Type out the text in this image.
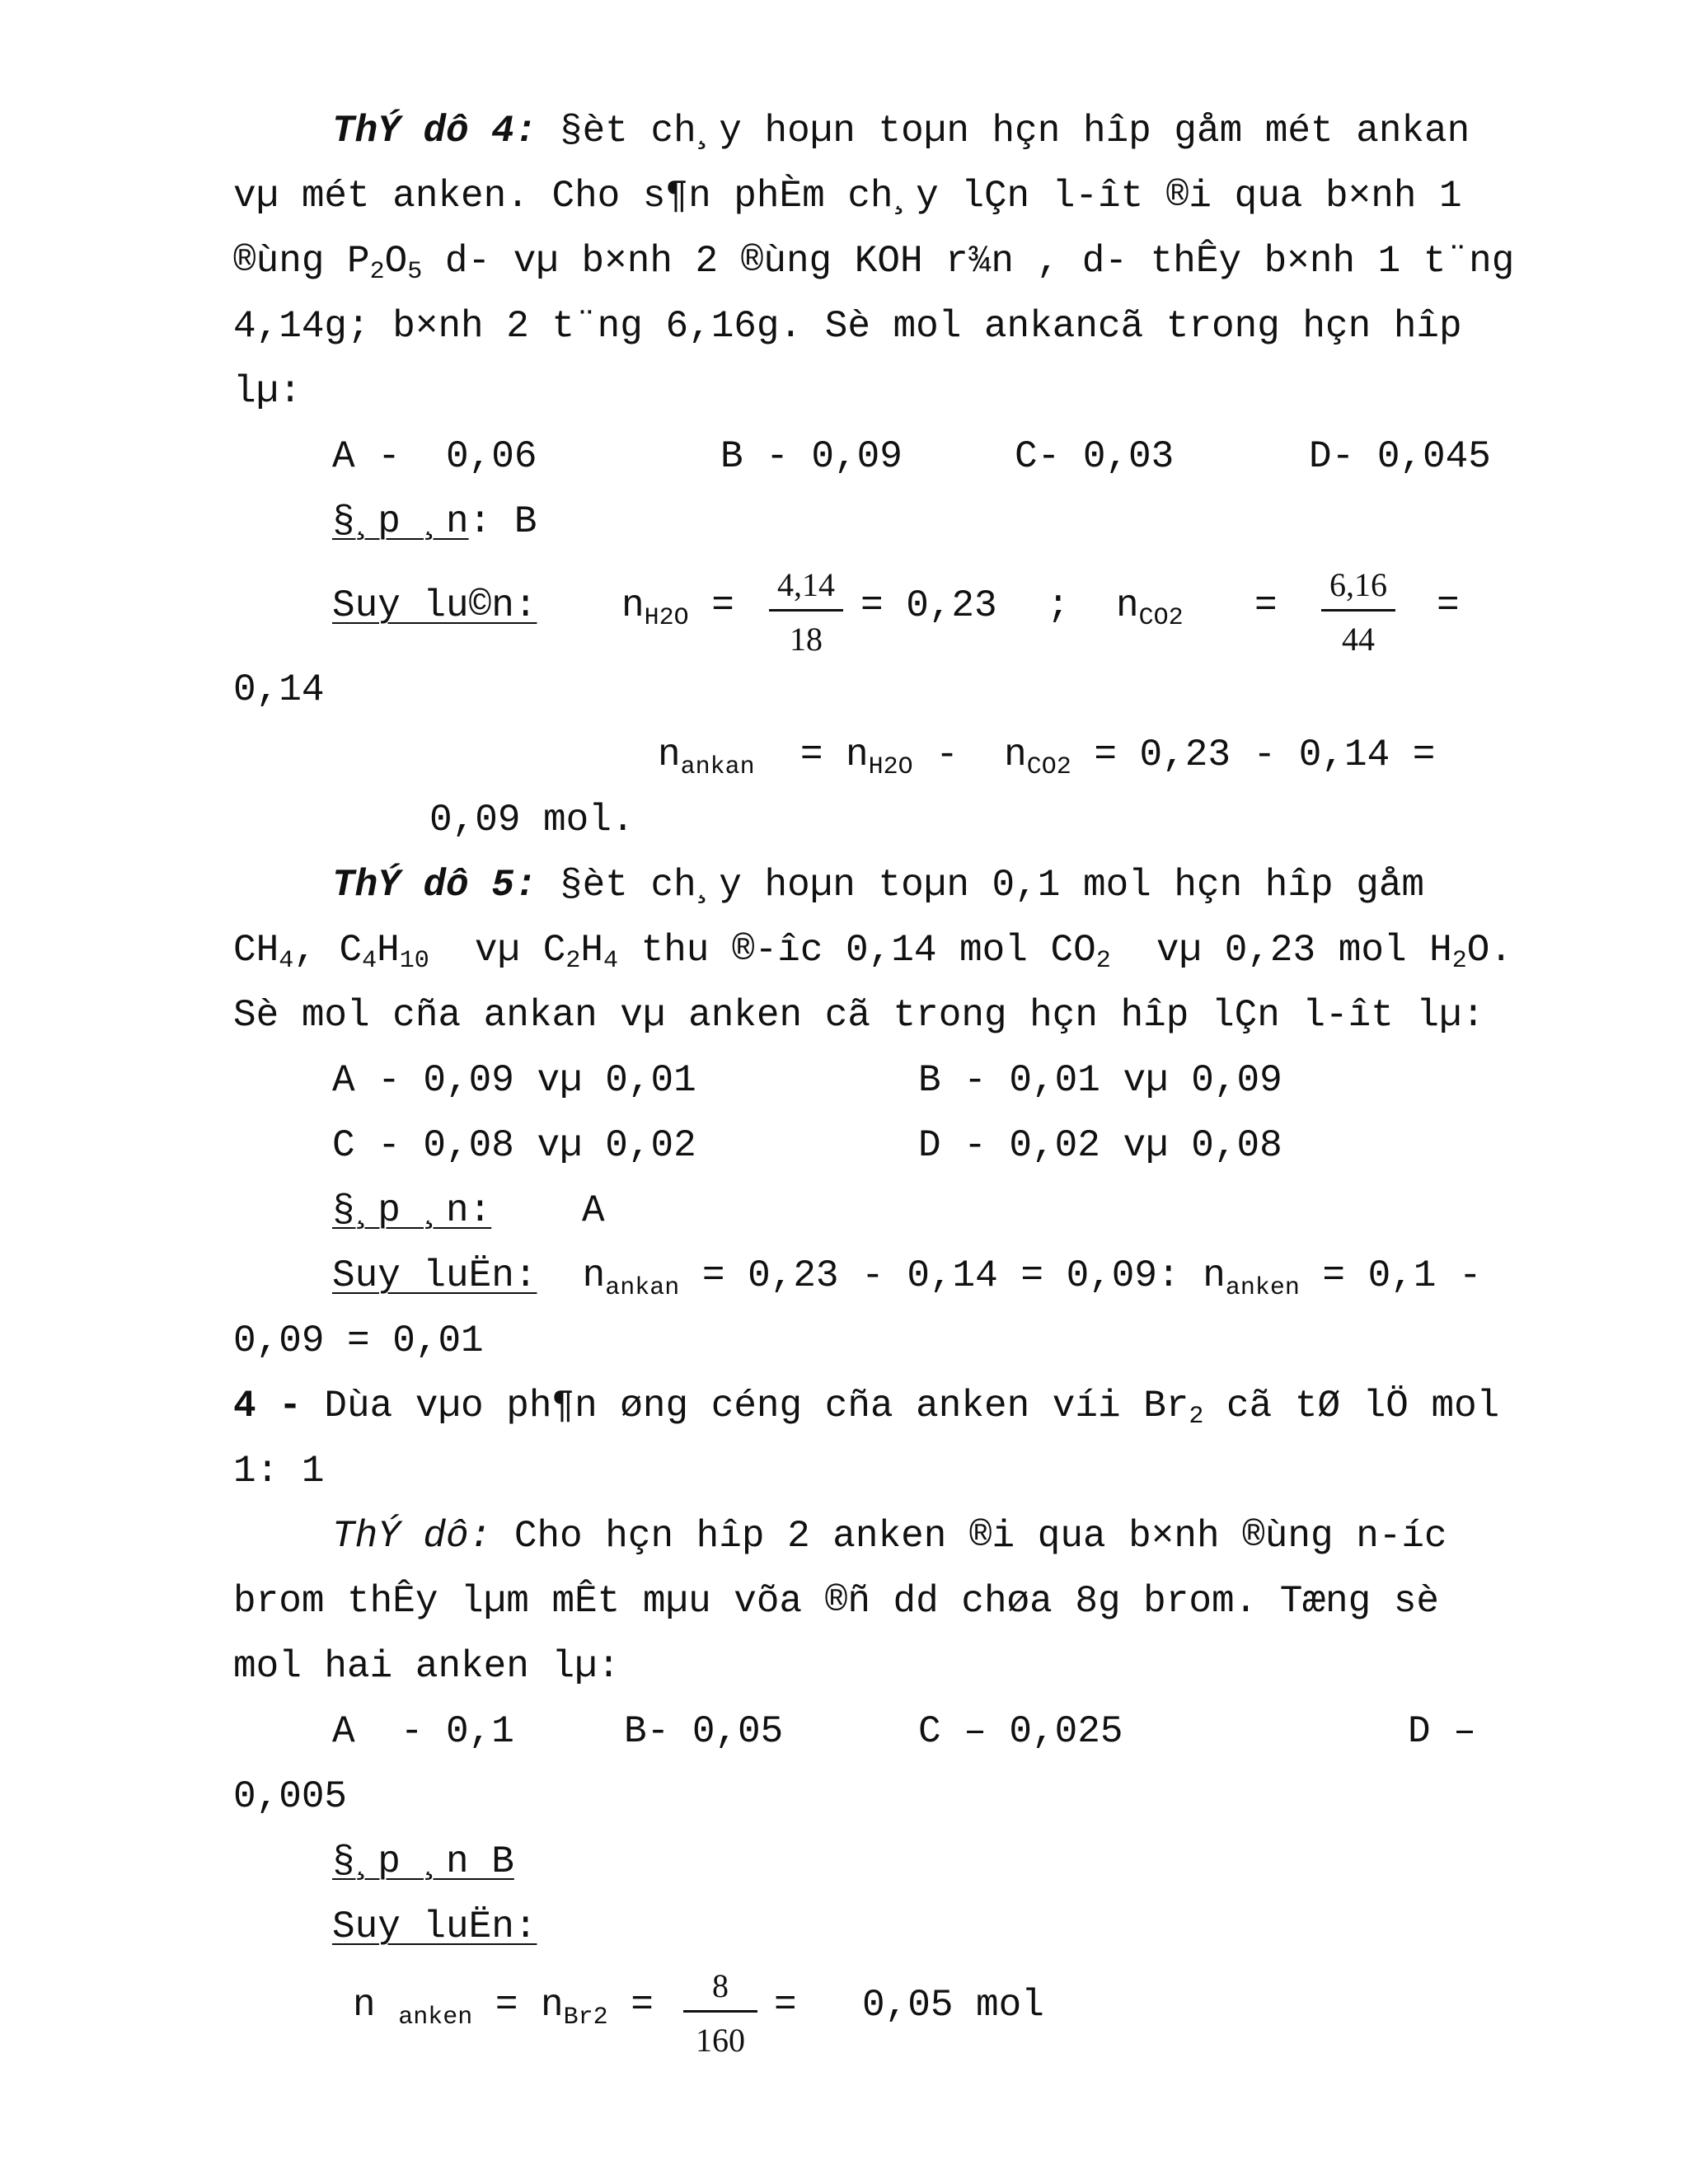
ThÝ dô 4: §èt ch¸y hoµn toµn hçn hîp gåm mét ankan
vµ mét anken. Cho s¶n phÈm ch¸y lÇn l-ît ®i qua b×nh 1
®ùng P2O5 d- vµ b×nh 2 ®ùng KOH r¾n , d- thÊy b×nh 1 t¨ng
4,14g; b×nh 2 t¨ng 6,16g. Sè mol ankancã trong hçn hîp
lµ:
A -  0,06	B - 0,09	C- 0,03	D- 0,045
§¸p ¸n: B
Suy lu©n: $n_{H2O} = \frac{4,14}{18} = 0,23$ ; $n_{CO2} = \frac{6,16}{44}$ =
0,14
$n_{ankan} = n_{H2O} - n_{CO2} = 0,23 - 0,14$ =
0,09 mol.
ThÝ dô 5: §èt ch¸y hoµn toµn 0,1 mol hçn hîp gåm
CH4, C4H10  vµ C2H4 thu ®-îc 0,14 mol CO2  vµ 0,23 mol H2O.
Sè mol cña ankan vµ anken cã trong hçn hîp lÇn l-ît lµ:
A - 0,09 vµ 0,01	B - 0,01 vµ 0,09
C - 0,08 vµ 0,02	D - 0,02 vµ 0,08
§¸p ¸n: A
Suy luËn: $n_{ankan} = 0,23 - 0,14 = 0,09$: $n_{anken} = 0,1$ -
0,09 = 0,01
4 - Dùa vµo ph¶n øng céng cña anken víi Br2 cã tØ lÖ mol
1: 1
ThÝ dô: Cho hçn hîp 2 anken ®i qua b×nh ®ùng n-íc
brom thÊy lµm mÊt mµu võa ®ñ dd chøa 8g brom. Tæng sè
mol hai anken lµ:
A  - 0,1	B- 0,05	C – 0,025	D –
0,005
§¸p ¸n B
Suy luËn:
n $_{anken} = n_{Br2} = \frac{8}{160} = 0,05$ mol
